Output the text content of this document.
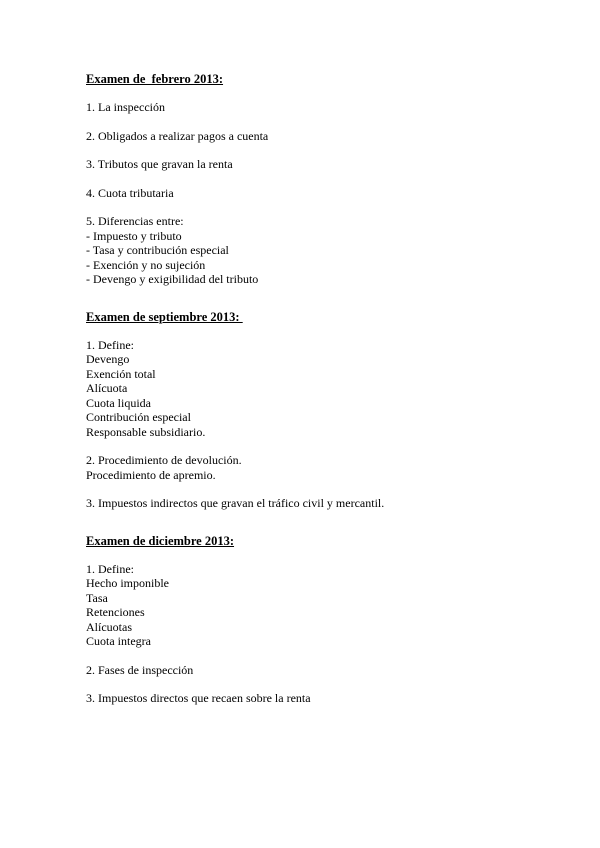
Examen de  febrero 2013:

1. La inspección

2. Obligados a realizar pagos a cuenta

3. Tributos que gravan la renta

4. Cuota tributaria

5. Diferencias entre:

- Impuesto y tributo

- Tasa y contribución especial

- Exención y no sujeción

- Devengo y exigibilidad del tributo

Examen de septiembre 2013:

1. Define:

Devengo

Exención total

Alícuota

Cuota liquida

Contribución especial

Responsable subsidiario.

2. Procedimiento de devolución.

Procedimiento de apremio.

3. Impuestos indirectos que gravan el tráfico civil y mercantil.

Examen de diciembre 2013:

1. Define:

Hecho imponible

Tasa

Retenciones

Alícuotas

Cuota integra

2. Fases de inspección

3. Impuestos directos que recaen sobre la renta
